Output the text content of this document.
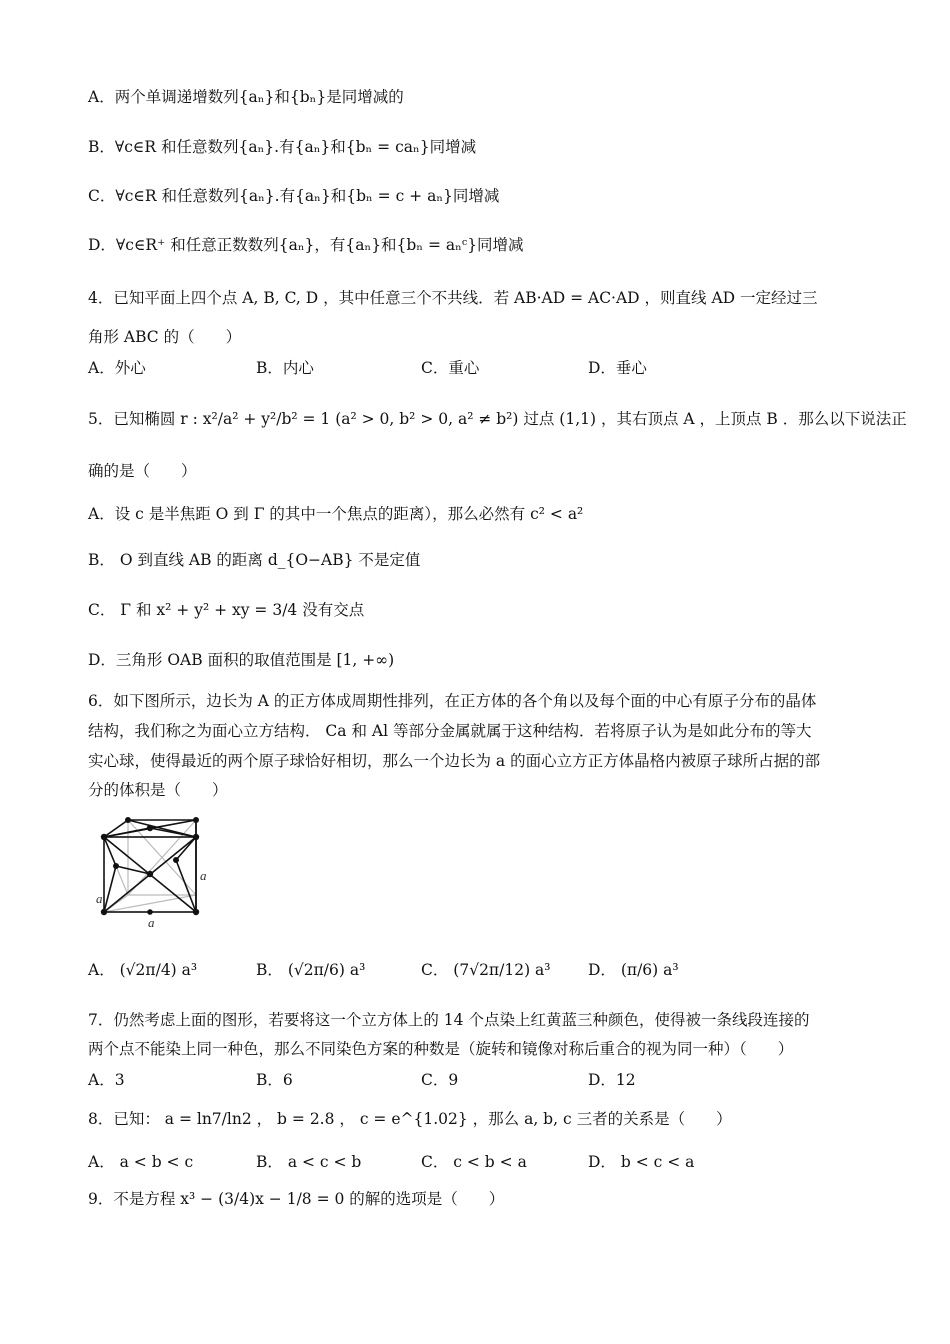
A．两个单调递增数列{aₙ}和{bₙ}是同增减的
B．∀c∈R 和任意数列{aₙ}.有{aₙ}和{bₙ = caₙ}同增减
C．∀c∈R 和任意数列{aₙ}.有{aₙ}和{bₙ = c + aₙ}同增减
D．∀c∈R⁺ 和任意正数数列{aₙ}，有{aₙ}和{bₙ = aₙᶜ}同增减
4．已知平面上四个点 A, B, C, D ，其中任意三个不共线．若 AB·AD = AC·AD ，则直线 AD 一定经过三
角形 ABC 的（　　）
A．外心	B．内心	C．重心	D．垂心
5．已知椭圆 r : x²/a² + y²/b² = 1 (a² > 0, b² > 0, a² ≠ b²) 过点 (1,1) ，其右顶点 A ，上顶点 B ．那么以下说法正
确的是（　　）
A．设 c 是半焦距 O 到 Γ 的其中一个焦点的距离），那么必然有 c² < a²
B． O 到直线 AB 的距离 d_{O−AB} 不是定值
C． Γ 和 x² + y² + xy = 3/4 没有交点
D．三角形 OAB 面积的取值范围是 [1, +∞)
6．如下图所示，边长为 A 的正方体成周期性排列，在正方体的各个角以及每个面的中心有原子分布的晶体
结构，我们称之为面心立方结构． Ca 和 Al 等部分金属就属于这种结构．若将原子认为是如此分布的等大
实心球，使得最近的两个原子球恰好相切，那么一个边长为 a 的面心立方正方体晶格内被原子球所占据的部
分的体积是（　　）
a
a
a
A． (√2π/4) a³	B． (√2π/6) a³	C． (7√2π/12) a³ D． (π/6) a³
7．仍然考虑上面的图形，若要将这一个立方体上的 14 个点染上红黄蓝三种颜色，使得被一条线段连接的
两个点不能染上同一种色，那么不同染色方案的种数是（旋转和镜像对称后重合的视为同一种）（　　）
A．3	B．6	C．9	D．12
8．已知： a = ln7/ln2 ， b = 2.8 ， c = e^{1.02} ，那么 a, b, c 三者的关系是（　　）
A． a < b < c	B． a < c < b	C． c < b < a	D． b < c < a
9．不是方程 x³ − (3/4)x − 1/8 = 0 的解的选项是（　　）
